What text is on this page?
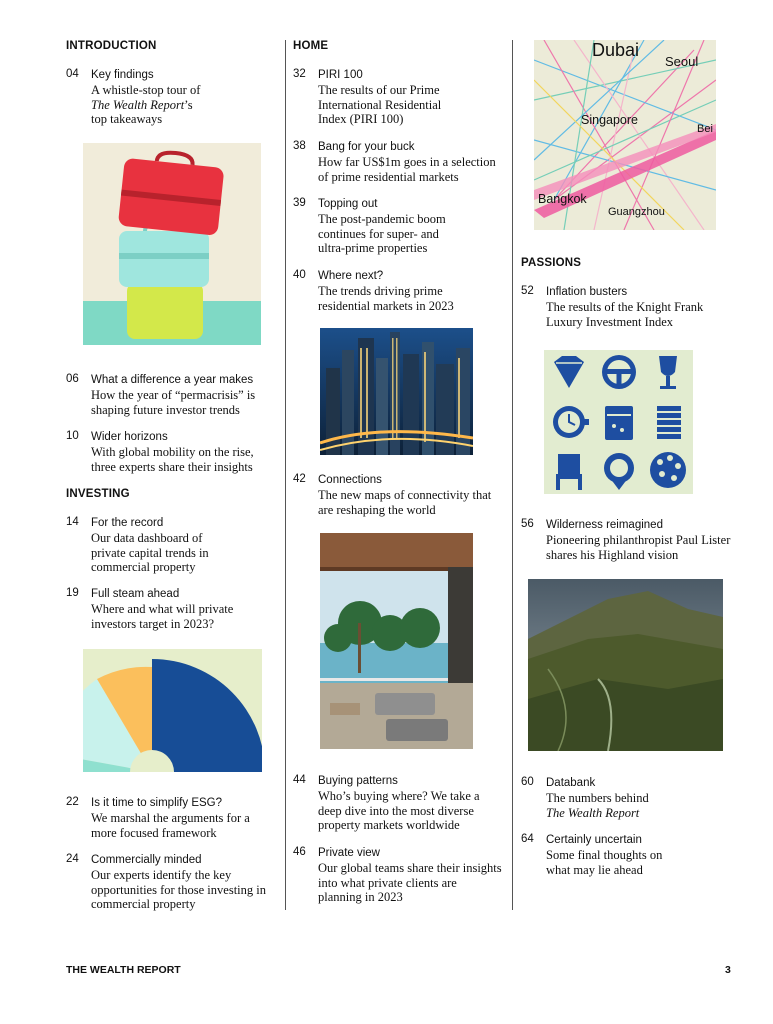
INTRODUCTION
04 Key findings
A whistle-stop tour of
The Wealth Report’s
top takeaways
06 What a difference a year makes
How the year of “permacrisis” is shaping future investor trends
10 Wider horizons
With global mobility on the rise, three experts share their insights
INVESTING
14 For the record
Our data dashboard of private capital trends in commercial property
19 Full steam ahead
Where and what will private investors target in 2023?
22 Is it time to simplify ESG?
We marshal the arguments for a more focused framework
24 Commercially minded
Our experts identify the key opportunities for those investing in commercial property
HOME
32 PIRI 100
The results of our Prime International Residential Index (PIRI 100)
38 Bang for your buck
How far US$1m goes in a selection of prime residential markets
39 Topping out
The post-pandemic boom continues for super- and ultra-prime properties
40 Where next?
The trends driving prime residential markets in 2023
42 Connections
The new maps of connectivity that are reshaping the world
44 Buying patterns
Who’s buying where? We take a deep dive into the most diverse property markets worldwide
46 Private view
Our global teams share their insights into what private clients are planning in 2023
Dubai
Seoul
Singapore
Bei
Bangkok
Guangzhou
PASSIONS
52 Inflation busters
The results of the Knight Frank Luxury Investment Index
56 Wilderness reimagined
Pioneering philanthropist Paul Lister shares his Highland vision
60 Databank
The numbers behind
The Wealth Report
64 Certainly uncertain
Some final thoughts on what may lie ahead
THE WEALTH REPORT	3
